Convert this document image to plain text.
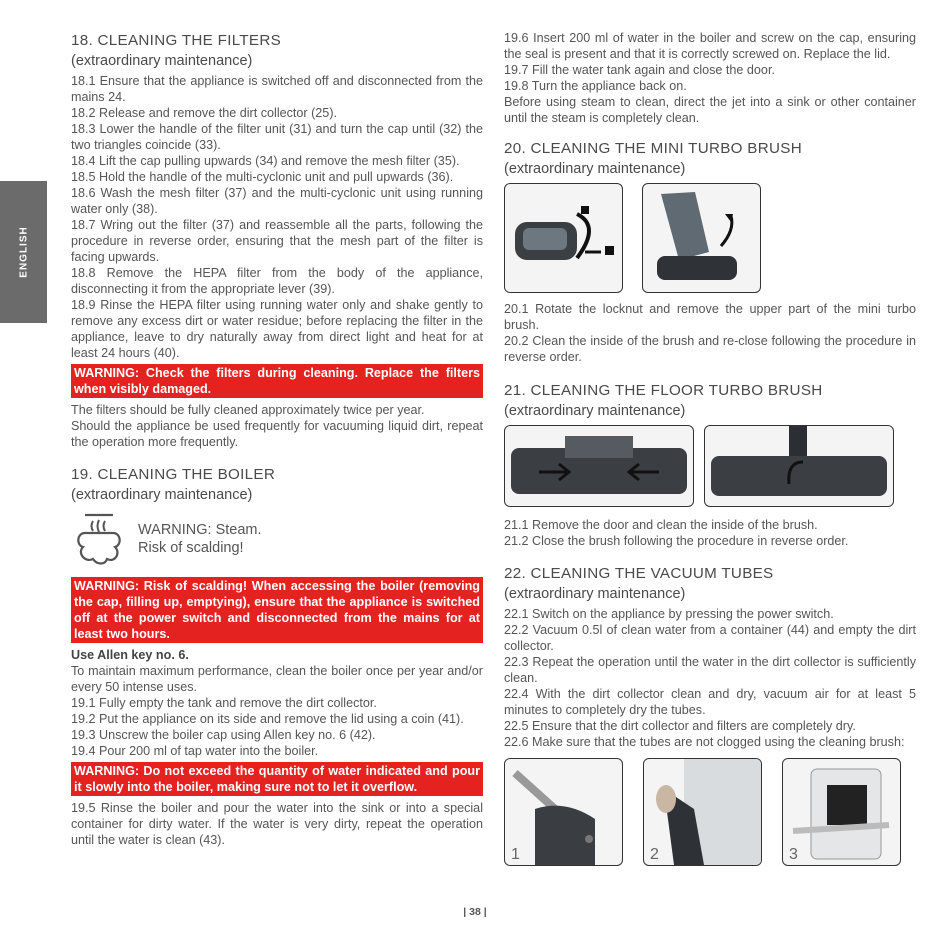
ENGLISH
18. CLEANING THE FILTERS
(extraordinary maintenance)

18.1 Ensure that the appliance is switched off and disconnected from the mains 24.

18.2 Release and remove the dirt collector (25).

18.3 Lower the handle of the filter unit (31) and turn the cap until (32) the two triangles coincide (33).

18.4 Lift the cap pulling upwards (34) and remove the mesh filter (35).

18.5 Hold the handle of the multi-cyclonic unit and pull upwards (36).

18.6 Wash the mesh filter (37) and the multi-cyclonic unit using running water only (38).

18.7 Wring out the filter (37) and reassemble all the parts, following the procedure in reverse order, ensuring that the mesh part of the filter is facing upwards.

18.8 Remove the HEPA filter from the body of the appliance, disconnecting it from the appropriate lever (39).

18.9 Rinse the HEPA filter using running water only and shake gently to remove any excess dirt or water residue; before replacing the filter in the appliance, leave to dry naturally away from direct light and heat for at least 24 hours (40).

WARNING: Check the filters during cleaning. Replace the filters when visibly damaged.

The filters should be fully cleaned approximately twice per year.

Should the appliance be used frequently for vacuuming liquid dirt, repeat the operation more frequently.

19. CLEANING THE BOILER
(extraordinary maintenance)
WARNING: Steam.
Risk of scalding!
WARNING: Risk of scalding! When accessing the boiler (removing the cap, filling up, emptying), ensure that the appliance is switched off at the power switch and disconnected from the mains for at least two hours.

Use Allen key no. 6.

To maintain maximum performance, clean the boiler once per year and/or every 50 intense uses.

19.1 Fully empty the tank and remove the dirt collector.

19.2 Put the appliance on its side and remove the lid using a coin (41).

19.3 Unscrew the boiler cap using Allen key no. 6 (42).

19.4 Pour 200 ml of tap water into the boiler.

WARNING: Do not exceed the quantity of water indicated and pour it slowly into the boiler, making sure not to let it overflow.

19.5 Rinse the boiler and pour the water into the sink or into a special container for dirty water. If the water is very dirty, repeat the operation until the water is clean (43).

19.6 Insert 200 ml of water in the boiler and screw on the cap, ensuring the seal is present and that it is correctly screwed on. Replace the lid.

19.7 Fill the water tank again and close the door.

19.8 Turn the appliance back on.

Before using steam to clean, direct the jet into a sink or other container until the steam is completely clean.

20. CLEANING THE MINI TURBO BRUSH
(extraordinary maintenance)

20.1 Rotate the locknut and remove the upper part of the mini turbo brush.

20.2 Clean the inside of the brush and re-close following the procedure in reverse order.

21. CLEANING THE FLOOR TURBO BRUSH
(extraordinary maintenance)

21.1 Remove the door and clean the inside of the brush.

21.2 Close the brush following the procedure in reverse order.

22. CLEANING THE VACUUM TUBES
(extraordinary maintenance)

22.1 Switch on the appliance by pressing the power switch.

22.2 Vacuum 0.5l of clean water from a container (44) and empty the dirt collector.

22.3 Repeat the operation until the water in the dirt collector is sufficiently clean.

22.4 With the dirt collector clean and dry, vacuum air for at least 5 minutes to completely dry the tubes.

22.5 Ensure that the dirt collector and filters are completely dry.

22.6 Make sure that the tubes are not clogged using the cleaning brush:

1	2	3
| 38 |
